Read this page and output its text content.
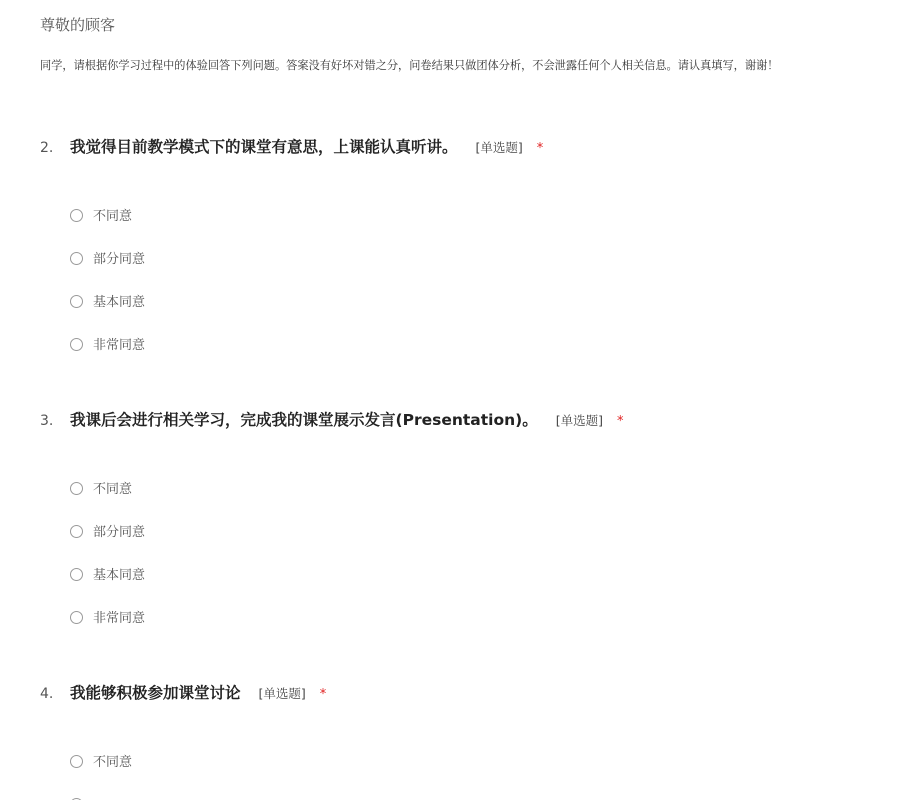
尊敬的顾客
同学，请根据你学习过程中的体验回答下列问题。答案没有好坏对错之分，问卷结果只做团体分析，不会泄露任何个人相关信息。请认真填写，谢谢！
2. 我觉得目前教学模式下的课堂有意思，上课能认真听讲。 [单选题] *
不同意
部分同意
基本同意
非常同意
3. 我课后会进行相关学习，完成我的课堂展示发言(Presentation)。 [单选题] *
不同意
部分同意
基本同意
非常同意
4. 我能够积极参加课堂讨论 [单选题] *
不同意
